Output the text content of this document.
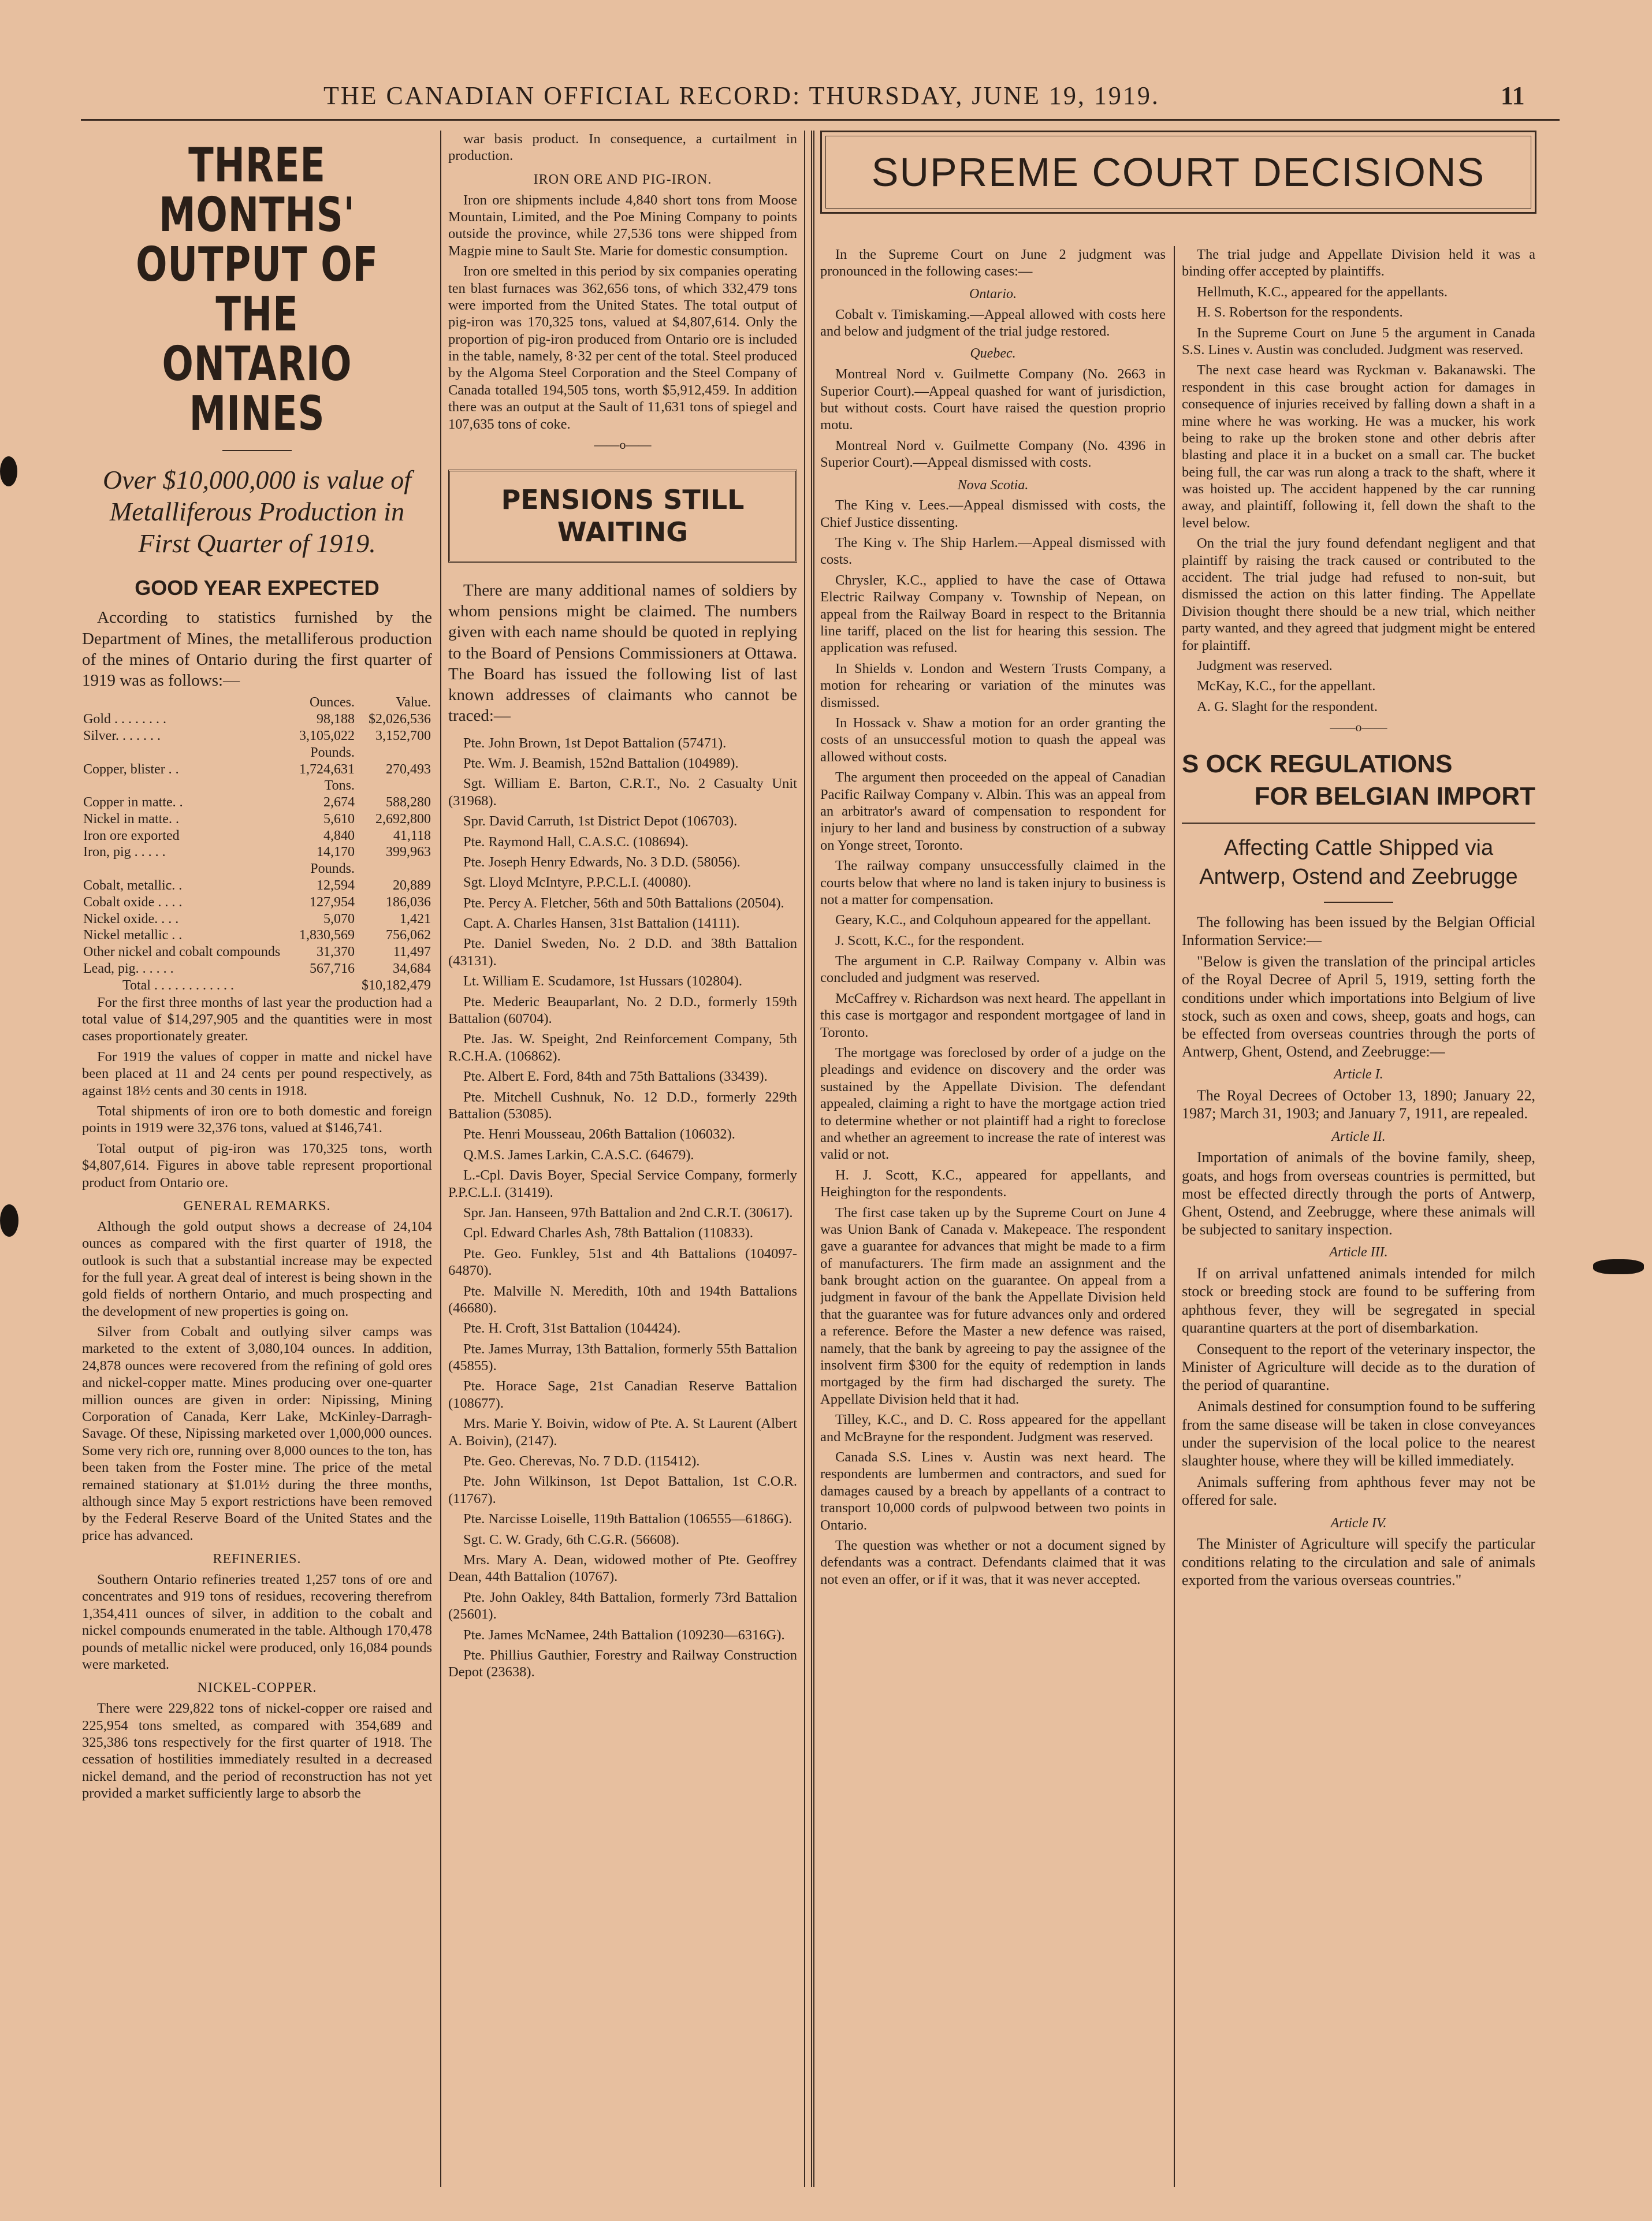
THE CANADIAN OFFICIAL RECORD: THURSDAY, JUNE 19, 1919.	11
THREE MONTHS' OUTPUT OF THE ONTARIO MINES
Over $10,000,000 is value of Metalliferous Production in First Quarter of 1919.
GOOD YEAR EXPECTED

According to statistics furnished by the Department of Mines, the metalliferous production of the mines of Ontario during the first quarter of 1919 was as follows:—

	Ounces.	Value.
Gold . . . . . . . .	98,188	$2,026,536
Silver. . . . . . .	3,105,022	3,152,700
	Pounds.	
Copper, blister . .	1,724,631	270,493
	Tons.	
Copper in matte. .	2,674	588,280
Nickel in matte. .	5,610	2,692,800
Iron ore exported	4,840	41,118
Iron, pig . . . . .	14,170	399,963
	Pounds.	
Cobalt, metallic. .	12,594	20,889
Cobalt oxide . . . .	127,954	186,036
Nickel oxide. . . .	5,070	1,421
Nickel metallic . .	1,830,569	756,062
Other nickel and cobalt compounds	31,370	11,497
Lead, pig. . . . . .	567,716	34,684
Total . . . . . . . . . . . .		$10,182,479

For the first three months of last year the production had a total value of $14,297,905 and the quantities were in most cases proportionately greater.

For 1919 the values of copper in matte and nickel have been placed at 11 and 24 cents per pound respectively, as against 18½ cents and 30 cents in 1918.

Total shipments of iron ore to both domestic and foreign points in 1919 were 32,376 tons, valued at $146,741.

Total output of pig-iron was 170,325 tons, worth $4,807,614. Figures in above table represent proportional product from Ontario ore.

GENERAL REMARKS.

Although the gold output shows a decrease of 24,104 ounces as compared with the first quarter of 1918, the outlook is such that a substantial increase may be expected for the full year. A great deal of interest is being shown in the gold fields of northern Ontario, and much prospecting and the development of new properties is going on.

Silver from Cobalt and outlying silver camps was marketed to the extent of 3,080,104 ounces. In addition, 24,878 ounces were recovered from the refining of gold ores and nickel-copper matte. Mines producing over one-quarter million ounces are given in order: Nipissing, Mining Corporation of Canada, Kerr Lake, McKinley-Darragh-Savage. Of these, Nipissing marketed over 1,000,000 ounces. Some very rich ore, running over 8,000 ounces to the ton, has been taken from the Foster mine. The price of the metal remained stationary at $1.01½ during the three months, although since May 5 export restrictions have been removed by the Federal Reserve Board of the United States and the price has advanced.

REFINERIES.

Southern Ontario refineries treated 1,257 tons of ore and concentrates and 919 tons of residues, recovering therefrom 1,354,411 ounces of silver, in addition to the cobalt and nickel compounds enumerated in the table. Although 170,478 pounds of metallic nickel were produced, only 16,084 pounds were marketed.

NICKEL-COPPER.

There were 229,822 tons of nickel-copper ore raised and 225,954 tons smelted, as compared with 354,689 and 325,386 tons respectively for the first quarter of 1918. The cessation of hostilities immediately resulted in a decreased nickel demand, and the period of reconstruction has not yet provided a market sufficiently large to absorb the

war basis product. In consequence, a curtailment in production.

IRON ORE AND PIG-IRON.

Iron ore shipments include 4,840 short tons from Moose Mountain, Limited, and the Poe Mining Company to points outside the province, while 27,536 tons were shipped from Magpie mine to Sault Ste. Marie for domestic consumption.

Iron ore smelted in this period by six companies operating ten blast furnaces was 362,656 tons, of which 332,479 tons were imported from the United States. The total output of pig-iron was 170,325 tons, valued at $4,807,614. Only the proportion of pig-iron produced from Ontario ore is included in the table, namely, 8·32 per cent of the total. Steel produced by the Algoma Steel Corporation and the Steel Company of Canada totalled 194,505 tons, worth $5,912,459. In addition there was an output at the Sault of 11,631 tons of spiegel and 107,635 tons of coke.

——o——
PENSIONS STILL WAITING

There are many additional names of soldiers by whom pensions might be claimed. The numbers given with each name should be quoted in replying to the Board of Pensions Commissioners at Ottawa. The Board has issued the following list of last known addresses of claimants who cannot be traced:—

Pte. John Brown, 1st Depot Battalion (57471).

Pte. Wm. J. Beamish, 152nd Battalion (104989).

Sgt. William E. Barton, C.R.T., No. 2 Casualty Unit (31968).

Spr. David Carruth, 1st District Depot (106703).

Pte. Raymond Hall, C.A.S.C. (108694).

Pte. Joseph Henry Edwards, No. 3 D.D. (58056).

Sgt. Lloyd McIntyre, P.P.C.L.I. (40080).

Pte. Percy A. Fletcher, 56th and 50th Battalions (20504).

Capt. A. Charles Hansen, 31st Battalion (14111).

Pte. Daniel Sweden, No. 2 D.D. and 38th Battalion (43131).

Lt. William E. Scudamore, 1st Hussars (102804).

Pte. Mederic Beauparlant, No. 2 D.D., formerly 159th Battalion (60704).

Pte. Jas. W. Speight, 2nd Reinforcement Company, 5th R.C.H.A. (106862).

Pte. Albert E. Ford, 84th and 75th Battalions (33439).

Pte. Mitchell Cushnuk, No. 12 D.D., formerly 229th Battalion (53085).

Pte. Henri Mousseau, 206th Battalion (106032).

Q.M.S. James Larkin, C.A.S.C. (64679).

L.-Cpl. Davis Boyer, Special Service Company, formerly P.P.C.L.I. (31419).

Spr. Jan. Hanseen, 97th Battalion and 2nd C.R.T. (30617).

Cpl. Edward Charles Ash, 78th Battalion (110833).

Pte. Geo. Funkley, 51st and 4th Battalions (104097-64870).

Pte. Malville N. Meredith, 10th and 194th Battalions (46680).

Pte. H. Croft, 31st Battalion (104424).

Pte. James Murray, 13th Battalion, formerly 55th Battalion (45855).

Pte. Horace Sage, 21st Canadian Reserve Battalion (108677).

Mrs. Marie Y. Boivin, widow of Pte. A. St Laurent (Albert A. Boivin), (2147).

Pte. Geo. Cherevas, No. 7 D.D. (115412).

Pte. John Wilkinson, 1st Depot Battalion, 1st C.O.R. (11767).

Pte. Narcisse Loiselle, 119th Battalion (106555—6186G).

Sgt. C. W. Grady, 6th C.G.R. (56608).

Mrs. Mary A. Dean, widowed mother of Pte. Geoffrey Dean, 44th Battalion (10767).

Pte. John Oakley, 84th Battalion, formerly 73rd Battalion (25601).

Pte. James McNamee, 24th Battalion (109230—6316G).

Pte. Phillius Gauthier, Forestry and Railway Construction Depot (23638).

SUPREME COURT DECISIONS

In the Supreme Court on June 2 judgment was pronounced in the following cases:—

Ontario.

Cobalt v. Timiskaming.—Appeal allowed with costs here and below and judgment of the trial judge restored.

Quebec.

Montreal Nord v. Guilmette Company (No. 2663 in Superior Court).—Appeal quashed for want of jurisdiction, but without costs. Court have raised the question proprio motu.

Montreal Nord v. Guilmette Company (No. 4396 in Superior Court).—Appeal dismissed with costs.

Nova Scotia.

The King v. Lees.—Appeal dismissed with costs, the Chief Justice dissenting.

The King v. The Ship Harlem.—Appeal dismissed with costs.

Chrysler, K.C., applied to have the case of Ottawa Electric Railway Company v. Township of Nepean, on appeal from the Railway Board in respect to the Britannia line tariff, placed on the list for hearing this session. The application was refused.

In Shields v. London and Western Trusts Company, a motion for rehearing or variation of the minutes was dismissed.

In Hossack v. Shaw a motion for an order granting the costs of an unsuccessful motion to quash the appeal was allowed without costs.

The argument then proceeded on the appeal of Canadian Pacific Railway Company v. Albin. This was an appeal from an arbitrator's award of compensation to respondent for injury to her land and business by construction of a subway on Yonge street, Toronto.

The railway company unsuccessfully claimed in the courts below that where no land is taken injury to business is not a matter for compensation.

Geary, K.C., and Colquhoun appeared for the appellant.

J. Scott, K.C., for the respondent.

The argument in C.P. Railway Company v. Albin was concluded and judgment was reserved.

McCaffrey v. Richardson was next heard. The appellant in this case is mortgagor and respondent mortgagee of land in Toronto.

The mortgage was foreclosed by order of a judge on the pleadings and evidence on discovery and the order was sustained by the Appellate Division. The defendant appealed, claiming a right to have the mortgage action tried to determine whether or not plaintiff had a right to foreclose and whether an agreement to increase the rate of interest was valid or not.

H. J. Scott, K.C., appeared for appellants, and Heighington for the respondents.

The first case taken up by the Supreme Court on June 4 was Union Bank of Canada v. Makepeace. The respondent gave a guarantee for advances that might be made to a firm of manufacturers. The firm made an assignment and the bank brought action on the guarantee. On appeal from a judgment in favour of the bank the Appellate Division held that the guarantee was for future advances only and ordered a reference. Before the Master a new defence was raised, namely, that the bank by agreeing to pay the assignee of the insolvent firm $300 for the equity of redemption in lands mortgaged by the firm had discharged the surety. The Appellate Division held that it had.

Tilley, K.C., and D. C. Ross appeared for the appellant and McBrayne for the respondent. Judgment was reserved.

Canada S.S. Lines v. Austin was next heard. The respondents are lumbermen and contractors, and sued for damages caused by a breach by appellants of a contract to transport 10,000 cords of pulpwood between two points in Ontario.

The question was whether or not a document signed by defendants was a contract. Defendants claimed that it was not even an offer, or if it was, that it was never accepted.

The trial judge and Appellate Division held it was a binding offer accepted by plaintiffs.

Hellmuth, K.C., appeared for the appellants.

H. S. Robertson for the respondents.

In the Supreme Court on June 5 the argument in Canada S.S. Lines v. Austin was concluded. Judgment was reserved.

The next case heard was Ryckman v. Bakanawski. The respondent in this case brought action for damages in consequence of injuries received by falling down a shaft in a mine where he was working. He was a mucker, his work being to rake up the broken stone and other debris after blasting and place it in a bucket on a small car. The bucket being full, the car was run along a track to the shaft, where it was hoisted up. The accident happened by the car running away, and plaintiff, following it, fell down the shaft to the level below.

On the trial the jury found defendant negligent and that plaintiff by raising the track caused or contributed to the accident. The trial judge had refused to non-suit, but dismissed the action on this latter finding. The Appellate Division thought there should be a new trial, which neither party wanted, and they agreed that judgment might be entered for plaintiff.

Judgment was reserved.

McKay, K.C., for the appellant.

A. G. Slaght for the respondent.

——o——
S OCK REGULATIONS
FOR BELGIAN IMPORT
Affecting Cattle Shipped via Antwerp, Ostend and Zeebrugge

The following has been issued by the Belgian Official Information Service:—

"Below is given the translation of the principal articles of the Royal Decree of April 5, 1919, setting forth the conditions under which importations into Belgium of live stock, such as oxen and cows, sheep, goats and hogs, can be effected from overseas countries through the ports of Antwerp, Ghent, Ostend, and Zeebrugge:—

Article I.

The Royal Decrees of October 13, 1890; January 22, 1987; March 31, 1903; and January 7, 1911, are repealed.

Article II.

Importation of animals of the bovine family, sheep, goats, and hogs from overseas countries is permitted, but most be effected directly through the ports of Antwerp, Ghent, Ostend, and Zeebrugge, where these animals will be subjected to sanitary inspection.

Article III.

If on arrival unfattened animals intended for milch stock or breeding stock are found to be suffering from aphthous fever, they will be segregated in special quarantine quarters at the port of disembarkation.

Consequent to the report of the veterinary inspector, the Minister of Agriculture will decide as to the duration of the period of quarantine.

Animals destined for consumption found to be suffering from the same disease will be taken in close conveyances under the supervision of the local police to the nearest slaughter house, where they will be killed immediately.

Animals suffering from aphthous fever may not be offered for sale.

Article IV.

The Minister of Agriculture will specify the particular conditions relating to the circulation and sale of animals exported from the various overseas countries."
